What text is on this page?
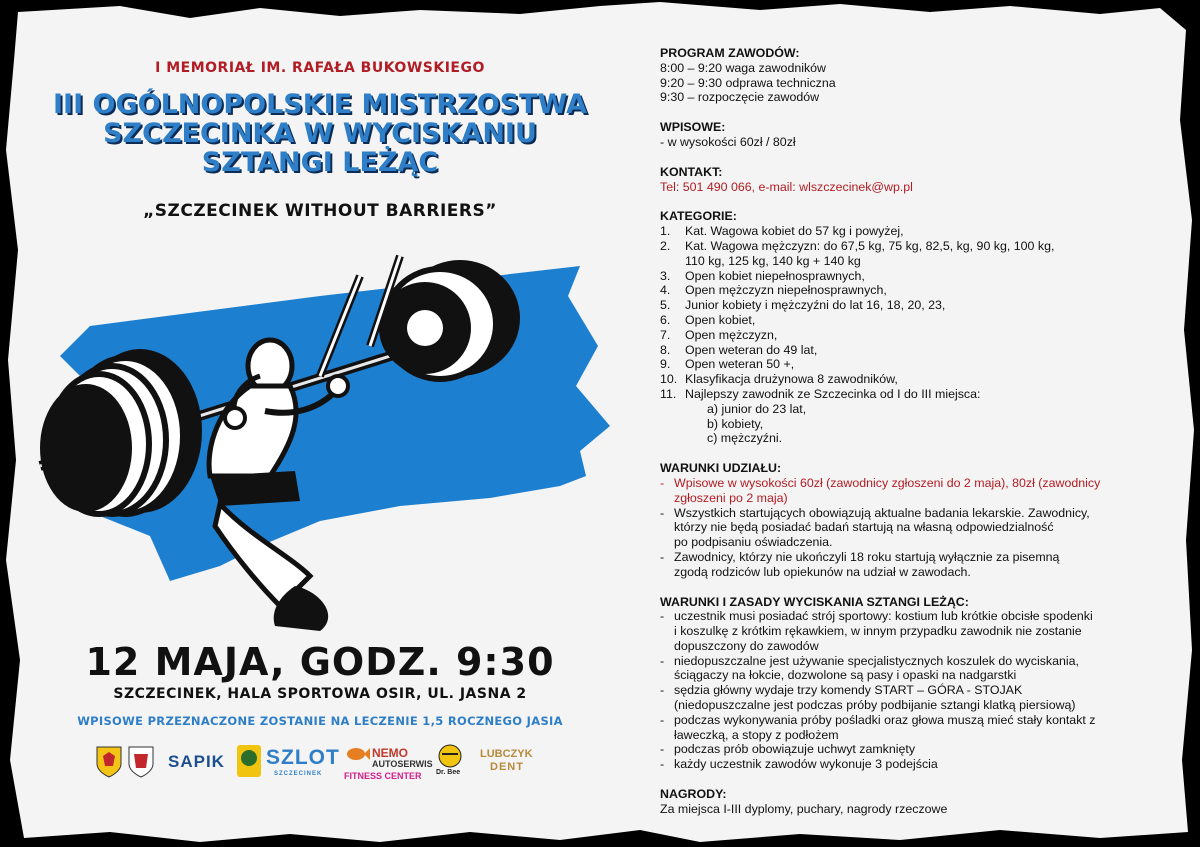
I MEMORIAŁ IM. RAFAŁA BUKOWSKIEGO
III OGÓLNOPOLSKIE MISTRZOSTWA
SZCZECINKA W WYCISKANIU
SZTANGI LEŻĄC
„SZCZECINEK WITHOUT BARRIERS”
12 MAJA, GODZ. 9:30
SZCZECINEK, HALA SPORTOWA OSIR, UL. JASNA 2
WPISOWE PRZEZNACZONE ZOSTANIE NA LECZENIE 1,5 ROCZNEGO JASIA
SAPIK SZLOT
SZCZECINEK
NEMO
AUTOSERWIS
FITNESS CENTER Dr. Bee
LUBCZYK
DENT
PROGRAM ZAWODÓW:
8:00 – 9:20 waga zawodników
9:20 – 9:30 odprawa techniczna
9:30 – rozpoczęcie zawodów
WPISOWE:
- w wysokości 60zł / 80zł
KONTAKT:
Tel: 501 490 066, e-mail: wlszczecinek@wp.pl
KATEGORIE:
1. Kat. Wagowa kobiet do 57 kg i powyżej,
2. Kat. Wagowa mężczyzn: do 67,5 kg, 75 kg, 82,5, kg, 90 kg, 100 kg,
110 kg, 125 kg, 140 kg + 140 kg
3. Open kobiet niepełnosprawnych,
4. Open mężczyzn niepełnosprawnych,
5. Junior kobiety i mężczyźni do lat 16, 18, 20, 23,
6. Open kobiet,
7. Open mężczyzn,
8. Open weteran do 49 lat,
9. Open weteran 50 +,
10. Klasyfikacja drużynowa 8 zawodników,
11. Najlepszy zawodnik ze Szczecinka od I do III miejsca:
a) junior do 23 lat,
b) kobiety,
c) mężczyźni.
WARUNKI UDZIAŁU:
- Wpisowe w wysokości 60zł (zawodnicy zgłoszeni do 2 maja), 80zł (zawodnicy
zgłoszeni po 2 maja)
- Wszystkich startujących obowiązują aktualne badania lekarskie. Zawodnicy,
którzy nie będą posiadać badań startują na własną odpowiedzialność
po podpisaniu oświadczenia.
- Zawodnicy, którzy nie ukończyli 18 roku startują wyłącznie za pisemną
zgodą rodziców lub opiekunów na udział w zawodach.
WARUNKI I ZASADY WYCISKANIA SZTANGI LEŻĄC:
- uczestnik musi posiadać strój sportowy: kostium lub krótkie obcisłe spodenki
i koszulkę z krótkim rękawkiem, w innym przypadku zawodnik nie zostanie
dopuszczony do zawodów
- niedopuszczalne jest używanie specjalistycznych koszulek do wyciskania,
ściągaczy na łokcie, dozwolone są pasy i opaski na nadgarstki
- sędzia główny wydaje trzy komendy START – GÓRA - STOJAK
(niedopuszczalne jest podczas próby podbijanie sztangi klatką piersiową)
- podczas wykonywania próby pośladki oraz głowa muszą mieć stały kontakt z
ławeczką, a stopy z podłożem
- podczas prób obowiązuje uchwyt zamknięty
- każdy uczestnik zawodów wykonuje 3 podejścia
NAGRODY:
Za miejsca I-III dyplomy, puchary, nagrody rzeczowe
